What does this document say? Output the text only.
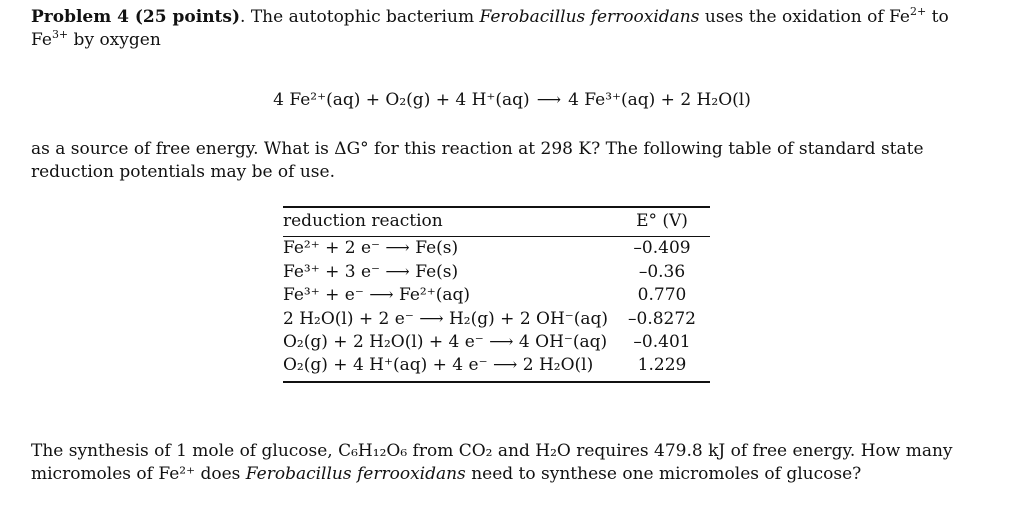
Problem 4 (25 points). The autotophic bacterium Ferobacillus ferrooxidans uses the oxidation of $Fe^{2+}$ to $Fe^{3+}$ by oxygen
4 Fe²⁺(aq) + O₂(g) + 4 H⁺(aq) ⟶ 4 Fe³⁺(aq) + 2 H₂O(l)
as a source of free energy. What is ΔG° for this reaction at 298 K? The following table of standard state reduction potentials may be of use.
reduction reaction	E° (V)

Fe²⁺ + 2 e⁻ ⟶ Fe(s)	–0.409
Fe³⁺ + 3 e⁻ ⟶ Fe(s)	–0.36
Fe³⁺ + e⁻ ⟶ Fe²⁺(aq)	0.770
2 H₂O(l) + 2 e⁻ ⟶ H₂(g) + 2 OH⁻(aq)	–0.8272
O₂(g) + 2 H₂O(l) + 4 e⁻ ⟶ 4 OH⁻(aq)	–0.401
O₂(g) + 4 H⁺(aq) + 4 e⁻ ⟶ 2 H₂O(l)	1.229
The synthesis of 1 mole of glucose, C₆H₁₂O₆ from CO₂ and H₂O requires 479.8 kJ of free energy. How many micromoles of Fe²⁺ does Ferobacillus ferrooxidans need to synthese one micromoles of glucose?
